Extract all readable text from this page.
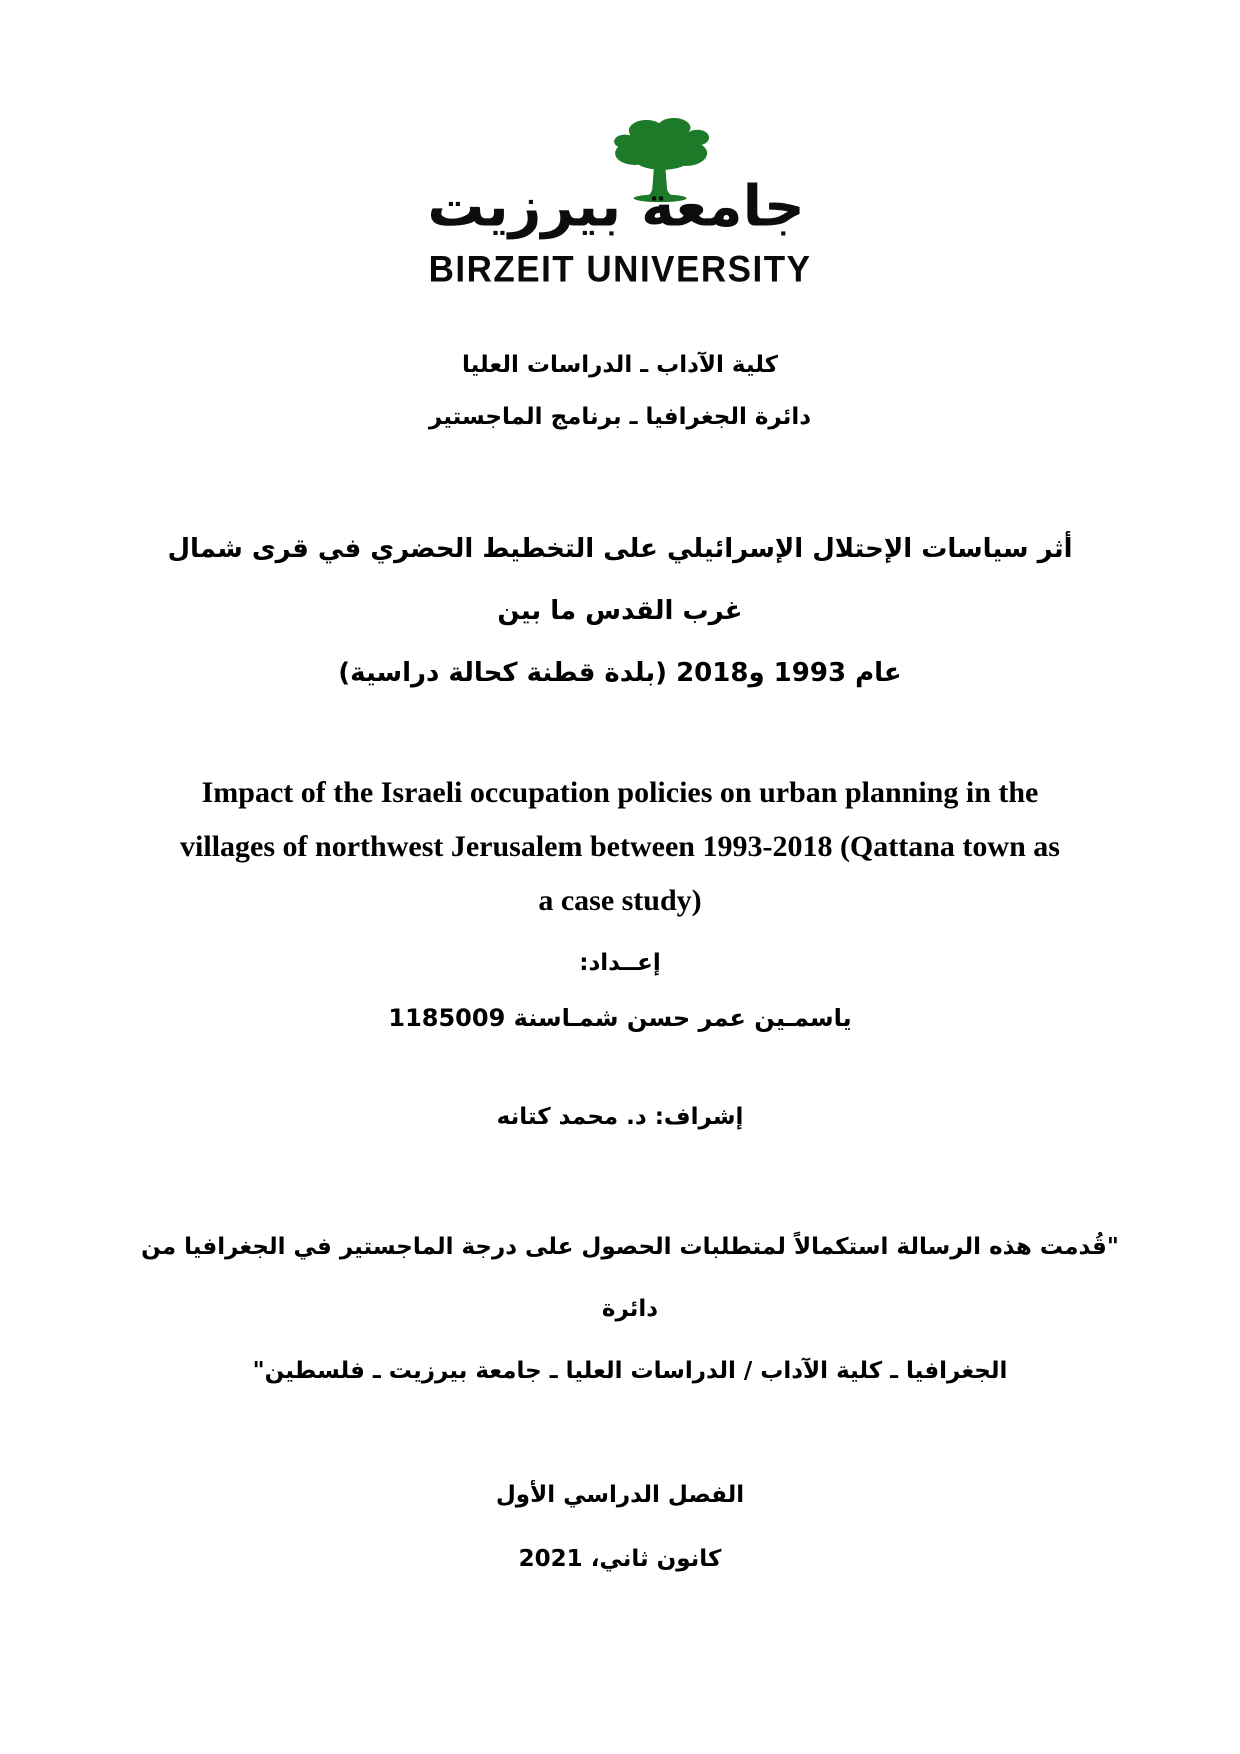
جامعة بيرزيت
BIRZEIT UNIVERSITY
كلية الآداب ـ الدراسات العليا
دائرة الجغرافيا ـ برنامج الماجستير
أثر سياسات الإحتلال الإسرائيلي على التخطيط الحضري في قرى شمال غرب القدس ما بين
عام 1993 و2018 (بلدة قطنة كحالة دراسية)
Impact of the Israeli occupation policies on urban planning in the
villages of northwest Jerusalem between 1993-2018 (Qattana town as
a case study)
إعــداد:
ياسمـين عمر حسن شمـاسنة 1185009
إشراف: د. محمد كتانه
"قُدمت هذه الرسالة استكمالاً لمتطلبات الحصول على درجة الماجستير في الجغرافيا من دائرة
الجغرافيا ـ كلية الآداب / الدراسات العليا ـ جامعة بيرزيت ـ فلسطين"
الفصل الدراسي الأول
كانون ثاني، 2021
